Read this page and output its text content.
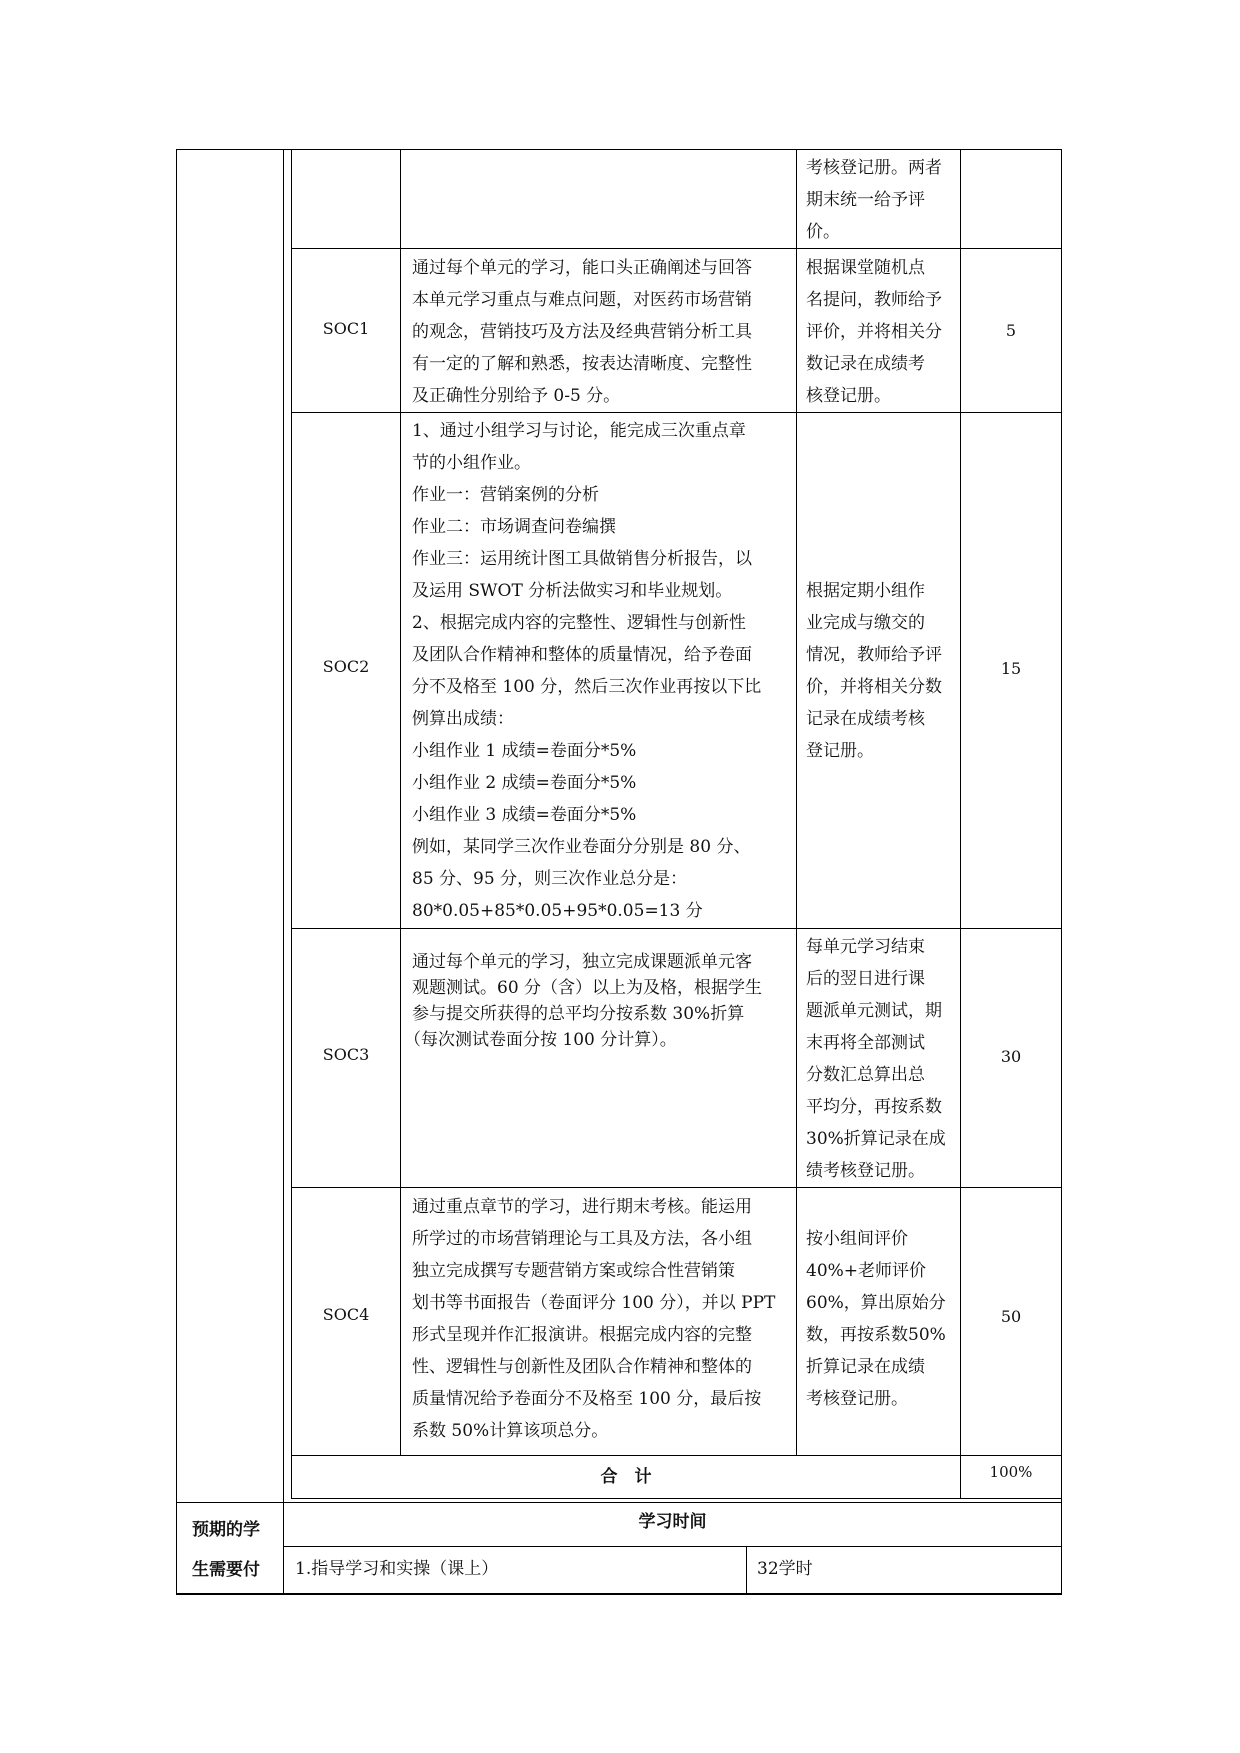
考核登记册。两者
期末统一给予评
价。
SOC1
通过每个单元的学习，能口头正确阐述与回答
本单元学习重点与难点问题，对医药市场营销
的观念，营销技巧及方法及经典营销分析工具
有一定的了解和熟悉，按表达清晰度、完整性
及正确性分别给予 0-5 分。
根据课堂随机点
名提问，教师给予
评价，并将相关分
数记录在成绩考
核登记册。
5
SOC2
1、通过小组学习与讨论，能完成三次重点章
节的小组作业。
作业一：营销案例的分析
作业二：市场调查问卷编撰
作业三：运用统计图工具做销售分析报告，以
及运用 SWOT 分析法做实习和毕业规划。
2、根据完成内容的完整性、逻辑性与创新性
及团队合作精神和整体的质量情况，给予卷面
分不及格至 100 分，然后三次作业再按以下比
例算出成绩：
小组作业 1 成绩=卷面分*5%
小组作业 2 成绩=卷面分*5%
小组作业 3 成绩=卷面分*5%
例如，某同学三次作业卷面分分别是 80 分、
85 分、95 分，则三次作业总分是：
80*0.05+85*0.05+95*0.05=13 分
根据定期小组作
业完成与缴交的
情况，教师给予评
价，并将相关分数
记录在成绩考核
登记册。
15
SOC3
通过每个单元的学习，独立完成课题派单元客
观题测试。60 分（含）以上为及格，根据学生
参与提交所获得的总平均分按系数 30%折算
（每次测试卷面分按 100 分计算）。
每单元学习结束
后的翌日进行课
题派单元测试，期
末再将全部测试
分数汇总算出总
平均分，再按系数
30%折算记录在成
绩考核登记册。
30
SOC4
通过重点章节的学习，进行期末考核。能运用
所学过的市场营销理论与工具及方法，各小组
独立完成撰写专题营销方案或综合性营销策
划书等书面报告（卷面评分 100 分），并以 PPT
形式呈现并作汇报演讲。根据完成内容的完整
性、逻辑性与创新性及团队合作精神和整体的
质量情况给予卷面分不及格至 100 分，最后按
系数 50%计算该项总分。
按小组间评价
40%+老师评价
60%，算出原始分
数，再按系数50%
折算记录在成绩
考核登记册。
50
合　计	100%
预期的学
生需要付
学习时间
1.指导学习和实操（课上）	32学时
